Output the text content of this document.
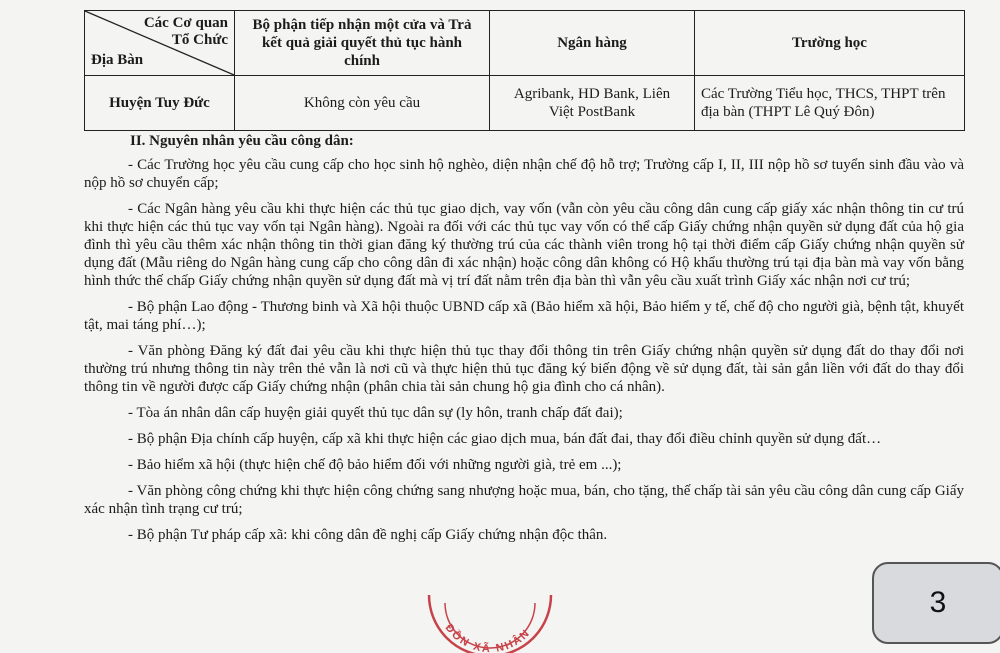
Các Cơ quan
Tổ Chức
Địa Bàn	Bộ phận tiếp nhận một cửa và Trả kết quả giải quyết thủ tục hành chính	Ngân hàng	Trường học
Huyện Tuy Đức	Không còn yêu cầu	Agribank, HD Bank, Liên Việt PostBank	Các Trường Tiểu học, THCS, THPT trên địa bàn (THPT Lê Quý Đôn)
II. Nguyên nhân yêu cầu công dân:

- Các Trường học yêu cầu cung cấp cho học sinh hộ nghèo, diện nhận chế độ hỗ trợ; Trường cấp I, II, III nộp hồ sơ tuyển sinh đầu vào và nộp hồ sơ chuyển cấp;

- Các Ngân hàng yêu cầu khi thực hiện các thủ tục giao dịch, vay vốn (vẫn còn yêu cầu công dân cung cấp giấy xác nhận thông tin cư trú khi thực hiện các thủ tục vay vốn tại Ngân hàng). Ngoài ra đối với các thủ tục vay vốn có thể cấp Giấy chứng nhận quyền sử dụng đất của hộ gia đình thì yêu cầu thêm xác nhận thông tin thời gian đăng ký thường trú của các thành viên trong hộ tại thời điểm cấp Giấy chứng nhận quyền sử dụng đất (Mẫu riêng do Ngân hàng cung cấp cho công dân đi xác nhận) hoặc công dân không có Hộ khẩu thường trú tại địa bàn mà vay vốn bằng hình thức thế chấp Giấy chứng nhận quyền sử dụng đất mà vị trí đất nằm trên địa bàn thì vẫn yêu cầu xuất trình Giấy xác nhận nơi cư trú;

- Bộ phận Lao động - Thương binh và Xã hội thuộc UBND cấp xã (Bảo hiểm xã hội, Bảo hiểm y tế, chế độ cho người già, bệnh tật, khuyết tật, mai táng phí…);

- Văn phòng Đăng ký đất đai yêu cầu khi thực hiện thủ tục thay đổi thông tin trên Giấy chứng nhận quyền sử dụng đất do thay đổi nơi thường trú nhưng thông tin này trên thẻ vẫn là nơi cũ và thực hiện thủ tục đăng ký biến động về sử dụng đất, tài sản gắn liền với đất do thay đổi thông tin về người được cấp Giấy chứng nhận (phân chia tài sản chung hộ gia đình cho cá nhân).

- Tòa án nhân dân cấp huyện giải quyết thủ tục dân sự (ly hôn, tranh chấp đất đai);

- Bộ phận Địa chính cấp huyện, cấp xã khi thực hiện các giao dịch mua, bán đất đai, thay đổi điều chỉnh quyền sử dụng đất…

- Bảo hiểm xã hội (thực hiện chế độ bảo hiểm đối với những người già, trẻ em ...);

- Văn phòng công chứng khi thực hiện công chứng sang nhượng hoặc mua, bán, cho tặng, thế chấp tài sản yêu cầu công dân cung cấp Giấy xác nhận tình trạng cư trú;

- Bộ phận Tư pháp cấp xã: khi công dân đề nghị cấp Giấy chứng nhận độc thân.

ĐỒN XÃ NHÂN
3
